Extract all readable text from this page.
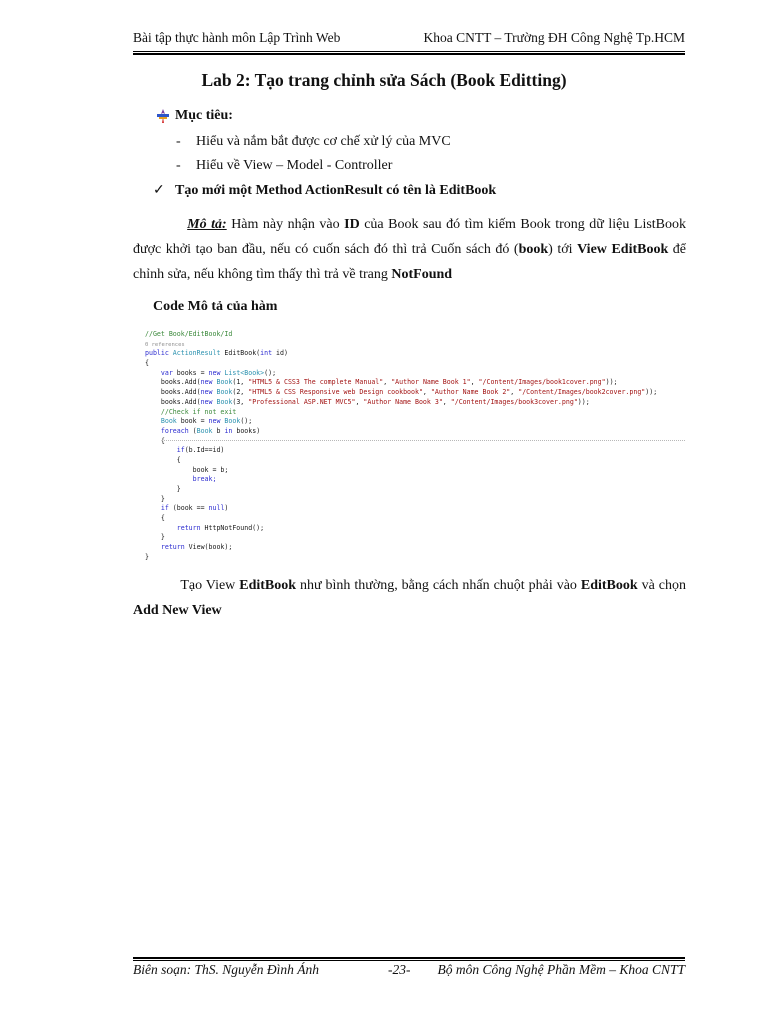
Bài tập thực hành môn Lập Trình Web	Khoa CNTT – Trường ĐH Công Nghệ Tp.HCM
Lab 2: Tạo trang chỉnh sửa Sách (Book Editting)
Mục tiêu:
- Hiểu và nắm bắt được cơ chế xử lý của MVC
- Hiểu về View – Model - Controller
✓ Tạo mới một Method ActionResult có tên là EditBook
Mô tả: Hàm này nhận vào ID của Book sau đó tìm kiếm Book trong dữ liệu ListBook được khởi tạo ban đầu, nếu có cuốn sách đó thì trả Cuốn sách đó (book) tới View EditBook để chỉnh sửa, nếu không tìm thấy thì trả về trang NotFound
Code Mô tả của hàm
//Get Book/EditBook/Id
0 references
public ActionResult EditBook(int id)
{
var books = new List<Book>();
books.Add(new Book(1, "HTML5 & CSS3 The complete Manual", "Author Name Book 1", "/Content/Images/book1cover.png"));
books.Add(new Book(2, "HTML5 & CSS Responsive web Design cookbook", "Author Name Book 2", "/Content/Images/book2cover.png"));
books.Add(new Book(3, "Professional ASP.NET MVC5", "Author Name Book 3", "/Content/Images/book3cover.png"));
//Check if not exit
Book book = new Book();
foreach (Book b in books)
{
if(b.Id==id)
{
book = b;
break;
}
}
if (book == null)
{
return HttpNotFound();
}
return View(book);
}
Tạo View EditBook như bình thường, bằng cách nhấn chuột phải vào EditBook và chọn Add New View
Biên soạn: ThS. Nguyễn Đình Ánh	-23- Bộ môn Công Nghệ Phần Mềm – Khoa CNTT
